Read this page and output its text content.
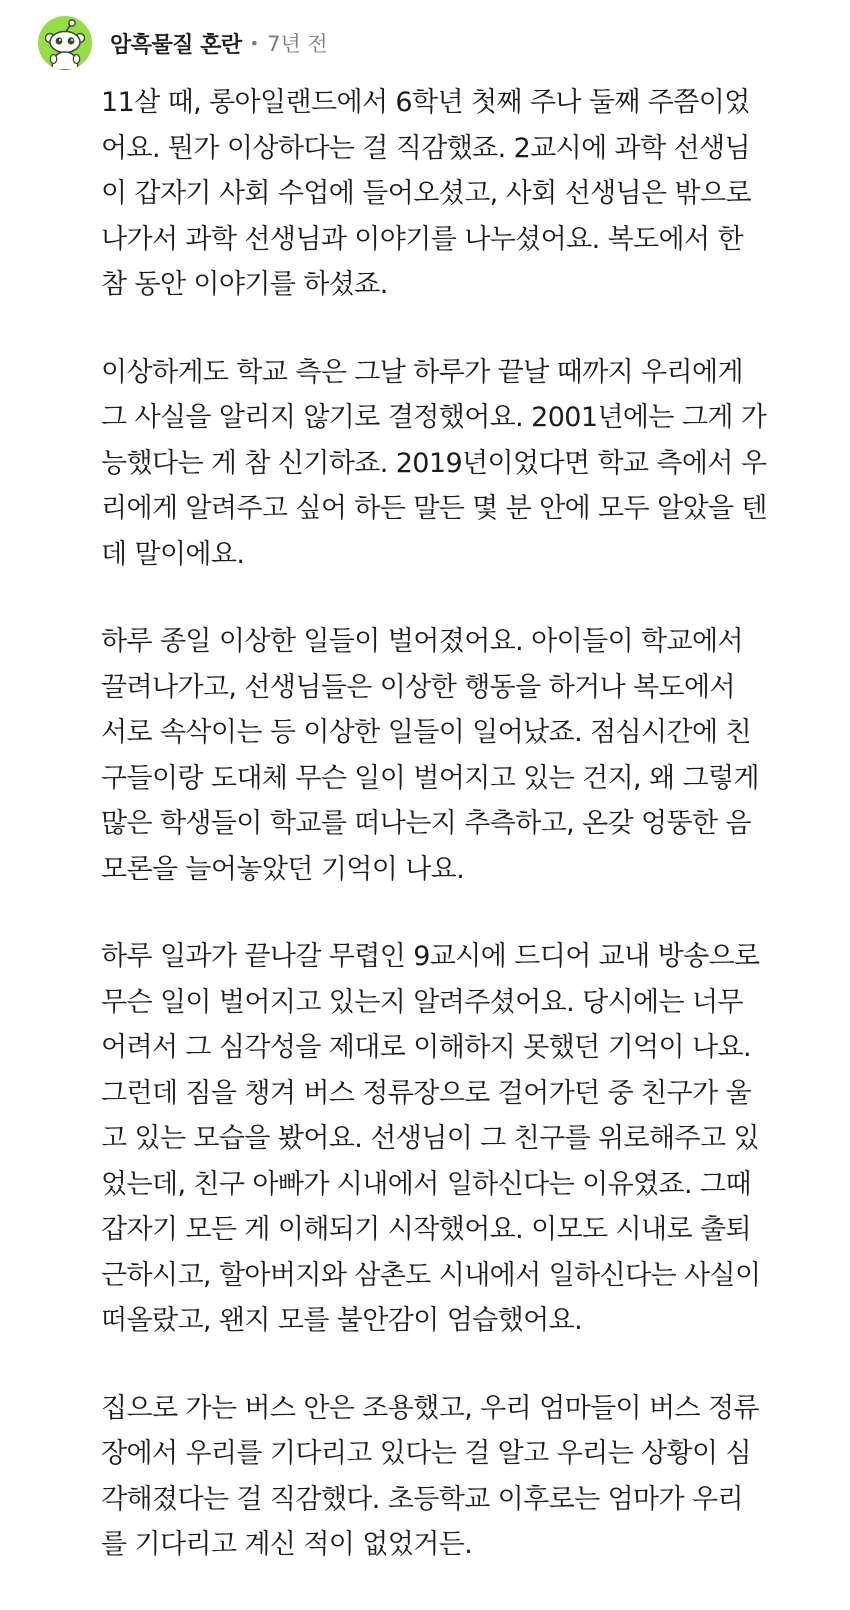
암흑물질 혼란 • 7년 전

11살 때, 롱아일랜드에서 6학년 첫째 주나 둘째 주쯤이었
어요. 뭔가 이상하다는 걸 직감했죠. 2교시에 과학 선생님
이 갑자기 사회 수업에 들어오셨고, 사회 선생님은 밖으로
나가서 과학 선생님과 이야기를 나누셨어요. 복도에서 한
참 동안 이야기를 하셨죠.

이상하게도 학교 측은 그날 하루가 끝날 때까지 우리에게
그 사실을 알리지 않기로 결정했어요. 2001년에는 그게 가
능했다는 게 참 신기하죠. 2019년이었다면 학교 측에서 우
리에게 알려주고 싶어 하든 말든 몇 분 안에 모두 알았을 텐
데 말이에요.

하루 종일 이상한 일들이 벌어졌어요. 아이들이 학교에서
끌려나가고, 선생님들은 이상한 행동을 하거나 복도에서
서로 속삭이는 등 이상한 일들이 일어났죠. 점심시간에 친
구들이랑 도대체 무슨 일이 벌어지고 있는 건지, 왜 그렇게
많은 학생들이 학교를 떠나는지 추측하고, 온갖 엉뚱한 음
모론을 늘어놓았던 기억이 나요.

하루 일과가 끝나갈 무렵인 9교시에 드디어 교내 방송으로
무슨 일이 벌어지고 있는지 알려주셨어요. 당시에는 너무
어려서 그 심각성을 제대로 이해하지 못했던 기억이 나요.
그런데 짐을 챙겨 버스 정류장으로 걸어가던 중 친구가 울
고 있는 모습을 봤어요. 선생님이 그 친구를 위로해주고 있
었는데, 친구 아빠가 시내에서 일하신다는 이유였죠. 그때
갑자기 모든 게 이해되기 시작했어요. 이모도 시내로 출퇴
근하시고, 할아버지와 삼촌도 시내에서 일하신다는 사실이
떠올랐고, 왠지 모를 불안감이 엄습했어요.

집으로 가는 버스 안은 조용했고, 우리 엄마들이 버스 정류
장에서 우리를 기다리고 있다는 걸 알고 우리는 상황이 심
각해졌다는 걸 직감했다. 초등학교 이후로는 엄마가 우리
를 기다리고 계신 적이 없었거든.
